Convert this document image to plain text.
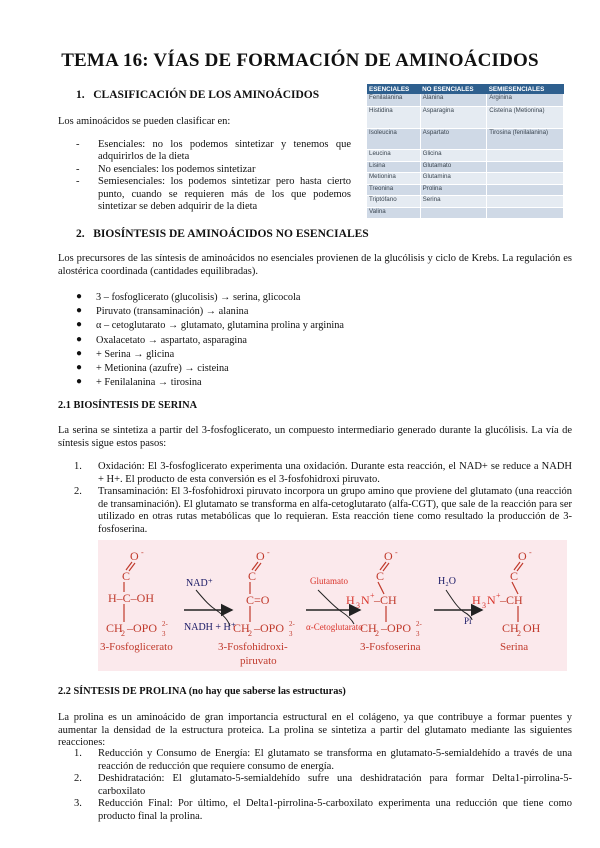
TEMA 16: VÍAS DE FORMACIÓN DE AMINOÁCIDOS
1.   CLASIFICACIÓN DE LOS AMINOÁCIDOS
Los aminoácidos se pueden clasificar en:
- Esenciales: no los podemos sintetizar y tenemos que adquirirlos de la dieta
- No esenciales: los podemos sintetizar
- Semiesenciales: los podemos sintetizar pero hasta cierto punto, cuando se requieren más de los que podemos sintetizar se deben adquirir de la dieta
ESENCIALES	NO ESENCIALES	SEMIESENCIALES
Fenilalanina	Alanina	Arginina
Histidina	Asparagina	Cisteína (Metionina)
Isoleucina	Aspartato	Tirosina (fenilalanina)
Leucina	Glicina	
Lisina	Glutamato	
Metionina	Glutamina	
Treonina	Prolina	
Triptófano	Serina	
Valina		
2.   BIOSÍNTESIS DE AMINOÁCIDOS NO ESENCIALES
Los precursores de las síntesis de aminoácidos no esenciales provienen de la glucólisis y ciclo de Krebs. La regulación es alostérica coordinada (cantidades equilibradas).
● 3 – fosfoglicerato (glucolisis) → serina, glicocola
● Piruvato (transaminación) → alanina
● α – cetoglutarato → glutamato, glutamina prolina y arginina
● Oxalacetato → aspartato, asparagina
● + Serina → glicina
● + Metionina (azufre) → cisteina
● + Fenilalanina → tirosina
2.1 BIOSÍNTESIS DE SERINA
La serina se sintetiza a partir del 3-fosfoglicerato, un compuesto intermediario generado durante la glucólisis. La vía de síntesis sigue estos pasos:
1. Oxidación: El 3-fosfoglicerato experimenta una oxidación. Durante esta reacción, el NAD+ se reduce a NADH + H+. El producto de esta conversión es el 3-fosfohidroxi piruvato.
2. Transaminación: El 3-fosfohidroxi piruvato incorpora un grupo amino que proviene del glutamato (una reacción de transaminación). El glutamato se transforma en alfa-cetoglutarato (alfa-CGT), que sale de la reacción para ser utilizado en otras rutas metabólicas que lo requieran. Esta reacción tiene como resultado la producción de 3-fosfoserina.
O -
C
H–C–OH
CH
2 –OPO 3
2-
NAD⁺
NADH + H⁺
O -
C
C=O
CH
2 –OPO 3
2-
Glutamato
α-Cetoglutarato
O -
C
H 3 N + –CH
CH
2 –OPO 3
2-
H₂O
Pi
O -
C
H 3 N + –CH
CH
2 OH
3-Fosfoglicerato	3-Fosfohidroxi-
piruvato
3-Fosfoserina	Serina
2.2 SÍNTESIS DE PROLINA (no hay que saberse las estructuras)
La prolina es un aminoácido de gran importancia estructural en el colágeno, ya que contribuye a formar puentes y aumentar la densidad de la estructura proteica. La prolina se sintetiza a partir del glutamato mediante las siguientes reacciones:
1. Reducción y Consumo de Energía: El glutamato se transforma en glutamato-5-semialdehído a través de una reacción de reducción que requiere consumo de energía.
2. Deshidratación: El glutamato-5-semialdehído sufre una deshidratación para formar Delta1-pirrolina-5-carboxilato
3. Reducción Final: Por último, el Delta1-pirrolina-5-carboxilato experimenta una reducción que tiene como producto final la prolina.
